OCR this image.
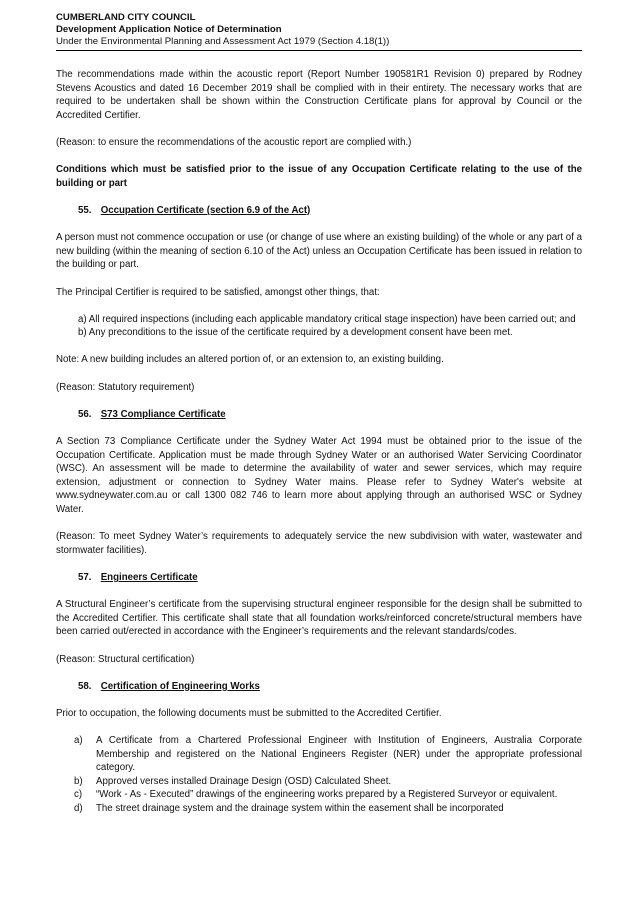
CUMBERLAND CITY COUNCIL
Development Application Notice of Determination
Under the Environmental Planning and Assessment Act 1979 (Section 4.18(1))

The recommendations made within the acoustic report (Report Number 190581R1 Revision 0) prepared by Rodney Stevens Acoustics and dated 16 December 2019 shall be complied with in their entirety. The necessary works that are required to be undertaken shall be shown within the Construction Certificate plans for approval by Council or the Accredited Certifier.

(Reason: to ensure the recommendations of the acoustic report are complied with.)

Conditions which must be satisfied prior to the issue of any Occupation Certificate relating to the use of the building or part

55. Occupation Certificate (section 6.9 of the Act)

A person must not commence occupation or use (or change of use where an existing building) of the whole or any part of a new building (within the meaning of section 6.10 of the Act) unless an Occupation Certificate has been issued in relation to the building or part.

The Principal Certifier is required to be satisfied, amongst other things, that:

a) All required inspections (including each applicable mandatory critical stage inspection) have been carried out; and

b) Any preconditions to the issue of the certificate required by a development consent have been met.

Note: A new building includes an altered portion of, or an extension to, an existing building.

(Reason: Statutory requirement)

56. S73 Compliance Certificate

A Section 73 Compliance Certificate under the Sydney Water Act 1994 must be obtained prior to the issue of the Occupation Certificate. Application must be made through Sydney Water or an authorised Water Servicing Coordinator (WSC). An assessment will be made to determine the availability of water and sewer services, which may require extension, adjustment or connection to Sydney Water mains. Please refer to Sydney Water's website at www.sydneywater.com.au or call 1300 082 746 to learn more about applying through an authorised WSC or Sydney Water.

(Reason: To meet Sydney Water’s requirements to adequately service the new subdivision with water, wastewater and stormwater facilities).

57. Engineers Certificate

A Structural Engineer’s certificate from the supervising structural engineer responsible for the design shall be submitted to the Accredited Certifier. This certificate shall state that all foundation works/reinforced concrete/structural members have been carried out/erected in accordance with the Engineer’s requirements and the relevant standards/codes.

(Reason: Structural certification)

58. Certification of Engineering Works

Prior to occupation, the following documents must be submitted to the Accredited Certifier.

a)	A Certificate from a Chartered Professional Engineer with Institution of Engineers, Australia Corporate Membership and registered on the National Engineers Register (NER) under the appropriate professional category.
b)	Approved verses installed Drainage Design (OSD) Calculated Sheet.
c)	“Work - As - Executed” drawings of the engineering works prepared by a Registered Surveyor or equivalent.
d)	The street drainage system and the drainage system within the easement shall be incorporated
